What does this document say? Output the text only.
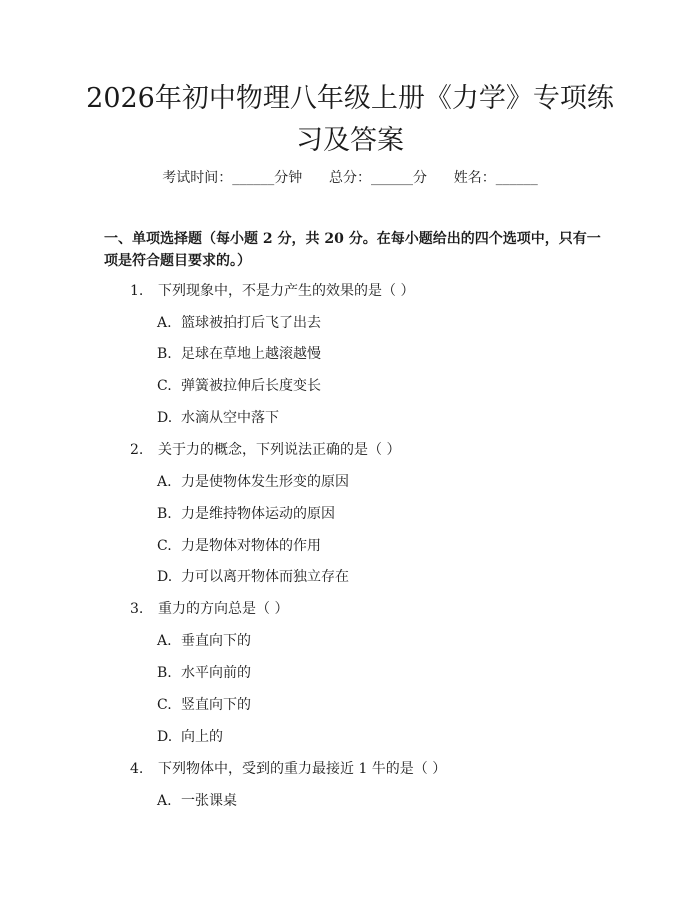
2026年初中物理八年级上册《力学》专项练习及答案
考试时间：______分钟      总分：______分      姓名：______

一、单项选择题（每小题 2 分，共 20 分。在每小题给出的四个选项中，只有一项是符合题目要求的。）

1. 下列现象中，不是力产生的效果的是（ ）
A. 篮球被拍打后飞了出去
B. 足球在草地上越滚越慢
C. 弹簧被拉伸后长度变长
D. 水滴从空中落下
2. 关于力的概念，下列说法正确的是（ ）
A. 力是使物体发生形变的原因
B. 力是维持物体运动的原因
C. 力是物体对物体的作用
D. 力可以离开物体而独立存在
3. 重力的方向总是（ ）
A. 垂直向下的
B. 水平向前的
C. 竖直向下的
D. 向上的
4. 下列物体中，受到的重力最接近 1 牛的是（ ）
A. 一张课桌
